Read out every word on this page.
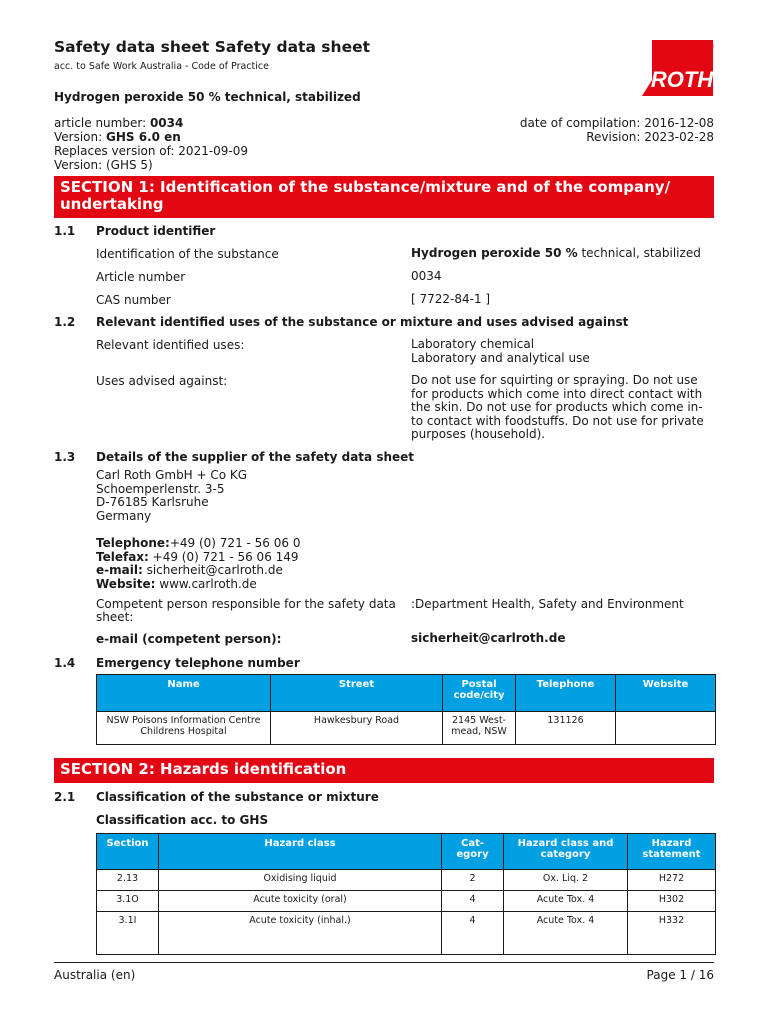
Safety data sheet Safety data sheet
acc. to Safe Work Australia - Code of Practice
ROTH
®
Hydrogen peroxide 50 % technical, stabilized
article number: 0034
Version: GHS 6.0 en
Replaces version of: 2021-09-09
Version: (GHS 5)
date of compilation: 2016-12-08
Revision: 2023-02-28
SECTION 1: Identification of the substance/mixture and of the company/ undertaking
1.1 Product identifier
Identification of the substance	Hydrogen peroxide 50 % technical, stabilized
Article number	0034
CAS number	[ 7722-84-1 ]
1.2 Relevant identified uses of the substance or mixture and uses advised against
Relevant identified uses:	Laboratory chemical
Laboratory and analytical use
Uses advised against:	Do not use for squirting or spraying. Do not use
for products which come into direct contact with
the skin. Do not use for products which come in-
to contact with foodstuffs. Do not use for private
purposes (household).
1.3 Details of the supplier of the safety data sheet
Carl Roth GmbH + Co KG
Schoemperlenstr. 3-5
D-76185 Karlsruhe
Germany
Telephone:+49 (0) 721 - 56 06 0
Telefax: +49 (0) 721 - 56 06 149
e-mail: sicherheit@carlroth.de
Website: www.carlroth.de
Competent person responsible for the safety data
sheet:
:Department Health, Safety and Environment
e-mail (competent person):	sicherheit@carlroth.de
1.4 Emergency telephone number
Name	Street	Postal code/city	Telephone	Website
NSW Poisons Information Centre Childrens Hospital	Hawkesbury Road	2145 West-mead, NSW	131126	
SECTION 2: Hazards identification
2.1 Classification of the substance or mixture
Classification acc. to GHS
Section	Hazard class	Cat-egory	Hazard class and category	Hazard statement
2.13	Oxidising liquid	2	Ox. Liq. 2	H272
3.1O	Acute toxicity (oral)	4	Acute Tox. 4	H302
3.1I	Acute toxicity (inhal.)	4	Acute Tox. 4	H332
Australia (en)	Page 1 / 16
